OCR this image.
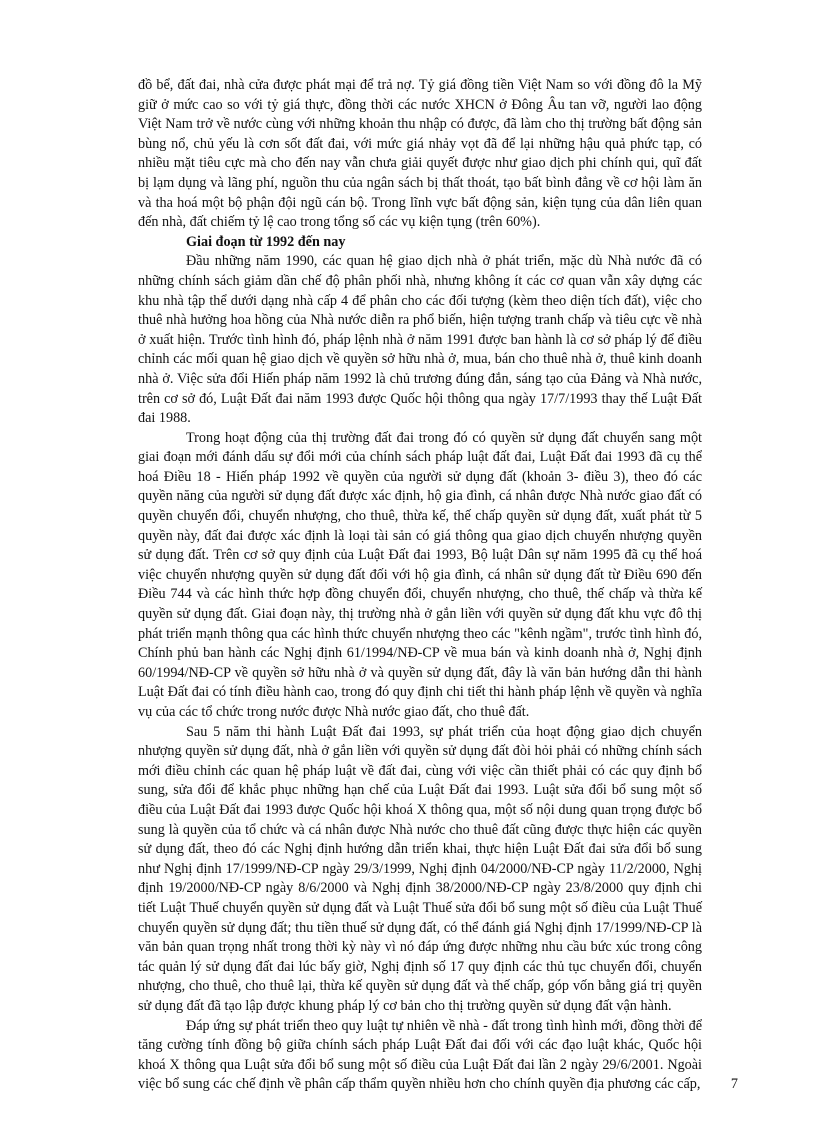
đồ bể, đất đai, nhà cửa được phát mại để trả nợ. Tỷ giá đồng tiền Việt Nam so với đồng đô la Mỹ giữ ở mức cao so với tỷ giá thực, đồng thời các nước XHCN ở Đông Âu tan vỡ, người lao động Việt Nam trở về nước cùng với những khoản thu nhập có được, đã làm cho thị trường bất động sản bùng nổ, chủ yếu là cơn sốt đất đai, với mức giá nhảy vọt đã để lại những hậu quả phức tạp, có nhiều mặt tiêu cực mà cho đến nay vẫn chưa giải quyết được như giao dịch phi chính qui, quĩ đất bị lạm dụng và lãng phí, nguồn thu của ngân sách bị thất thoát, tạo bất bình đẳng về cơ hội làm ăn và tha hoá một bộ phận đội ngũ cán bộ. Trong lĩnh vực bất động sản, kiện tụng của dân liên quan đến nhà, đất chiếm tỷ lệ cao trong tổng số các vụ kiện tụng (trên 60%).

Giai đoạn từ 1992 đến nay

Đầu những năm 1990, các quan hệ giao dịch nhà ở phát triển, mặc dù Nhà nước đã có những chính sách giảm dần chế độ phân phối nhà, nhưng không ít các cơ quan vẫn xây dựng các khu nhà tập thể dưới dạng nhà cấp 4 để phân cho các đối tượng (kèm theo diện tích đất), việc cho thuê nhà hưởng hoa hồng của Nhà nước diễn ra phổ biến, hiện tượng tranh chấp và tiêu cực về nhà ở xuất hiện. Trước tình hình đó, pháp lệnh nhà ở năm 1991 được ban hành là cơ sở pháp lý để điều chỉnh các mối quan hệ giao dịch về quyền sở hữu nhà ở, mua, bán cho thuê nhà ở, thuê kinh doanh nhà ở. Việc sửa đổi Hiến pháp năm 1992 là chủ trương đúng đắn, sáng tạo của Đảng và Nhà nước, trên cơ sở đó, Luật Đất đai năm 1993 được Quốc hội thông qua ngày 17/7/1993 thay thế Luật Đất đai 1988.

Trong hoạt động của thị trường đất đai trong đó có quyền sử dụng đất chuyển sang một giai đoạn mới đánh dấu sự đổi mới của chính sách pháp luật đất đai, Luật Đất đai 1993 đã cụ thể hoá Điều 18 - Hiến pháp 1992 về quyền của người sử dụng đất (khoản 3- điều 3), theo đó các quyền năng của người sử dụng đất được xác định, hộ gia đình, cá nhân được Nhà nước giao đất có quyền chuyển đổi, chuyển nhượng, cho thuê, thừa kế, thế chấp quyền sử dụng đất, xuất phát từ 5 quyền này, đất đai được xác định là loại tài sản có giá thông qua giao dịch chuyển nhượng quyền sử dụng đất. Trên cơ sở quy định của Luật Đất đai 1993, Bộ luật Dân sự năm 1995 đã cụ thể hoá việc chuyển nhượng quyền sử dụng đất đối với hộ gia đình, cá nhân sử dụng đất từ Điều 690 đến Điều 744 và các hình thức hợp đồng chuyển đổi, chuyển nhượng, cho thuê, thế chấp và thừa kế quyền sử dụng đất. Giai đoạn này, thị trường nhà ở gắn liền với quyền sử dụng đất khu vực đô thị phát triển mạnh thông qua các hình thức chuyển nhượng theo các "kênh ngầm", trước tình hình đó, Chính phủ ban hành các Nghị định 61/1994/NĐ-CP về mua bán và kinh doanh nhà ở, Nghị định 60/1994/NĐ-CP về quyền sở hữu nhà ở và quyền sử dụng đất, đây là văn bản hướng dẫn thi hành Luật Đất đai có tính điều hành cao, trong đó quy định chi tiết thi hành pháp lệnh về quyền và nghĩa vụ của các tổ chức trong nước được Nhà nước giao đất, cho thuê đất.

Sau 5 năm thi hành Luật Đất đai 1993, sự phát triển của hoạt động giao dịch chuyển nhượng quyền sử dụng đất, nhà ở gắn liền với quyền sử dụng đất đòi hỏi phải có những chính sách mới điều chỉnh các quan hệ pháp luật về đất đai, cùng với việc cần thiết phải có các quy định bổ sung, sửa đổi để khắc phục những hạn chế của Luật Đất đai 1993. Luật sửa đổi bổ sung một số điều của Luật Đất đai 1993 được Quốc hội khoá X thông qua, một số nội dung quan trọng được bổ sung là quyền của tổ chức và cá nhân được Nhà nước cho thuê đất cũng được thực hiện các quyền sử dụng đất, theo đó các Nghị định hướng dẫn triển khai, thực hiện Luật Đất đai sửa đổi bổ sung như Nghị định 17/1999/NĐ-CP ngày 29/3/1999, Nghị định 04/2000/NĐ-CP ngày 11/2/2000, Nghị định 19/2000/NĐ-CP ngày 8/6/2000 và Nghị định 38/2000/NĐ-CP ngày 23/8/2000 quy định chi tiết Luật Thuế chuyển quyền sử dụng đất và Luật Thuế sửa đổi bổ sung một số điều của Luật Thuế chuyển quyền sử dụng đất; thu tiền thuế sử dụng đất, có thể đánh giá Nghị định 17/1999/NĐ-CP là văn bản quan trọng nhất trong thời kỳ này vì nó đáp ứng được những nhu cầu bức xúc trong công tác quản lý sử dụng đất đai lúc bấy giờ, Nghị định số 17 quy định các thủ tục chuyển đổi, chuyển nhượng, cho thuê, cho thuê lại, thừa kế quyền sử dụng đất và thế chấp, góp vốn bằng giá trị quyền sử dụng đất đã tạo lập được khung pháp lý cơ bản cho thị trường quyền sử dụng đất vận hành.

Đáp ứng sự phát triển theo quy luật tự nhiên về nhà - đất trong tình hình mới, đồng thời để tăng cường tính đồng bộ giữa chính sách pháp Luật Đất đai đối với các đạo luật khác, Quốc hội khoá X thông qua Luật sửa đổi bổ sung một số điều của Luật Đất đai lần 2 ngày 29/6/2001. Ngoài việc bổ sung các chế định về phân cấp thẩm quyền nhiều hơn cho chính quyền địa phương các cấp, 7
